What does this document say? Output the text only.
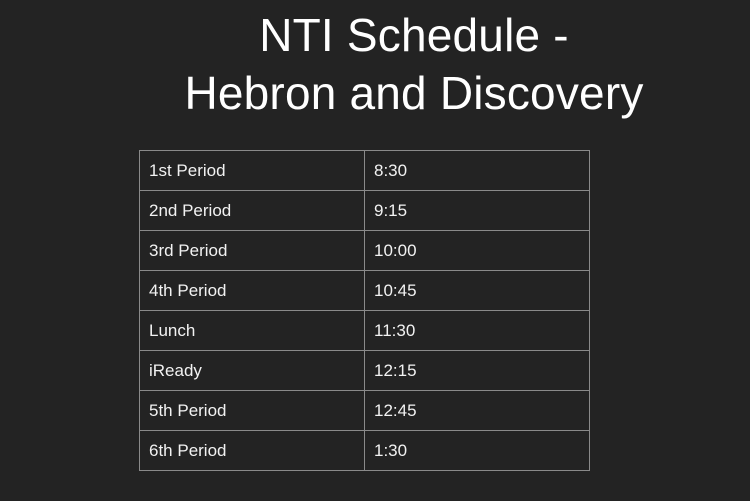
NTI Schedule -
Hebron and Discovery
1st Period	8:30
2nd Period	9:15
3rd Period	10:00
4th Period	10:45
Lunch	11:30
iReady	12:15
5th Period	12:45
6th Period	1:30
